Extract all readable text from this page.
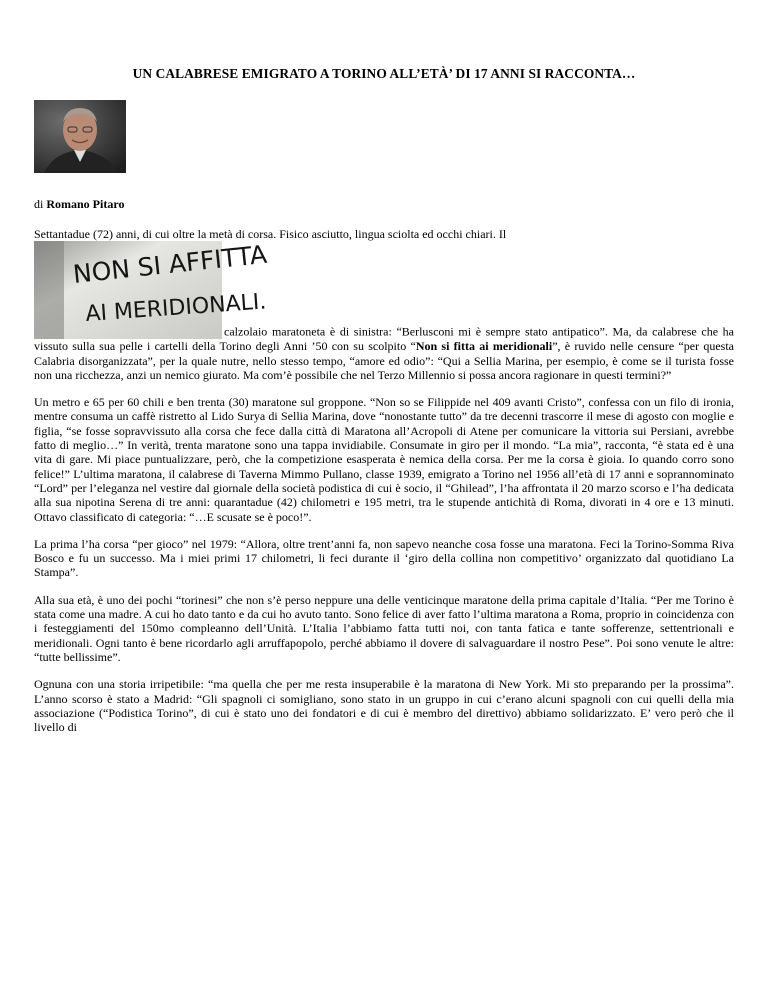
UN CALABRESE EMIGRATO A TORINO ALL’ETÀ’ DI 17 ANNI SI RACCONTA…

di Romano Pitaro

Settantadue (72) anni, di cui oltre la metà di corsa. Fisico asciutto, lingua sciolta ed occhi chiari. Il

NON SI AFFITTA
AI MERIDIONALI.
calzolaio maratoneta è di sinistra: “Berlusconi mi è sempre stato antipatico”. Ma, da calabrese che ha vissuto sulla sua pelle i cartelli della Torino degli Anni ’50 con su scolpito “Non si fitta ai meridionali”, è ruvido nelle censure “per questa Calabria disorganizzata”, per la quale nutre, nello stesso tempo, “amore ed odio”: “Qui a Sellia Marina, per esempio, è come se il turista fosse non una ricchezza, anzi un nemico giurato. Ma com’è possibile che nel Terzo Millennio si possa ancora ragionare in questi termini?”

Un metro e 65 per 60 chili e ben trenta (30) maratone sul groppone. “Non so se Filippide nel 409 avanti Cristo”, confessa con un filo di ironia, mentre consuma un caffè ristretto al Lido Surya di Sellia Marina, dove “nonostante tutto” da tre decenni trascorre il mese di agosto con moglie e figlia, “se fosse sopravvissuto alla corsa che fece dalla città di Maratona all’Acropoli di Atene per comunicare la vittoria sui Persiani, avrebbe fatto di meglio…” In verità, trenta maratone sono una tappa invidiabile. Consumate in giro per il mondo. “La mia”, racconta, “è stata ed è una vita di gare. Mi piace puntualizzare, però, che la competizione esasperata è nemica della corsa. Per me la corsa è gioia. Io quando corro sono felice!” L’ultima maratona, il calabrese di Taverna Mimmo Pullano, classe 1939, emigrato a Torino nel 1956 all’età di 17 anni e soprannominato “Lord” per l’eleganza nel vestire dal giornale della società podistica di cui è socio, il “Ghilead”, l’ha affrontata il 20 marzo scorso e l’ha dedicata alla sua nipotina Serena di tre anni: quarantadue (42) chilometri e 195 metri, tra le stupende antichità di Roma, divorati in 4 ore e 13 minuti. Ottavo classificato di categoria: “…E scusate se è poco!”.

La prima l’ha corsa “per gioco” nel 1979: “Allora, oltre trent’anni fa, non sapevo neanche cosa fosse una maratona. Feci la Torino-Somma Riva Bosco e fu un successo. Ma i miei primi 17 chilometri, li feci durante il ‘giro della collina non competitivo’ organizzato dal quotidiano La Stampa”.

Alla sua età, è uno dei pochi “torinesi” che non s’è perso neppure una delle venticinque maratone della prima capitale d’Italia. “Per me Torino è stata come una madre. A cui ho dato tanto e da cui ho avuto tanto. Sono felice di aver fatto l’ultima maratona a Roma, proprio in coincidenza con i festeggiamenti del 150mo compleanno dell’Unità. L’Italia l’abbiamo fatta tutti noi, con tanta fatica e tante sofferenze, settentrionali e meridionali. Ogni tanto è bene ricordarlo agli arruffapopolo, perché abbiamo il dovere di salvaguardare il nostro Pese”. Poi sono venute le altre: “tutte bellissime”.

Ognuna con una storia irripetibile: “ma quella che per me resta insuperabile è la maratona di New York. Mi sto preparando per la prossima”. L’anno scorso è stato a Madrid: “Gli spagnoli ci somigliano, sono stato in un gruppo in cui c’erano alcuni spagnoli con cui quelli della mia associazione (“Podistica Torino”, di cui è stato uno dei fondatori e di cui è membro del direttivo) abbiamo solidarizzato. E’ vero però che il livello di
